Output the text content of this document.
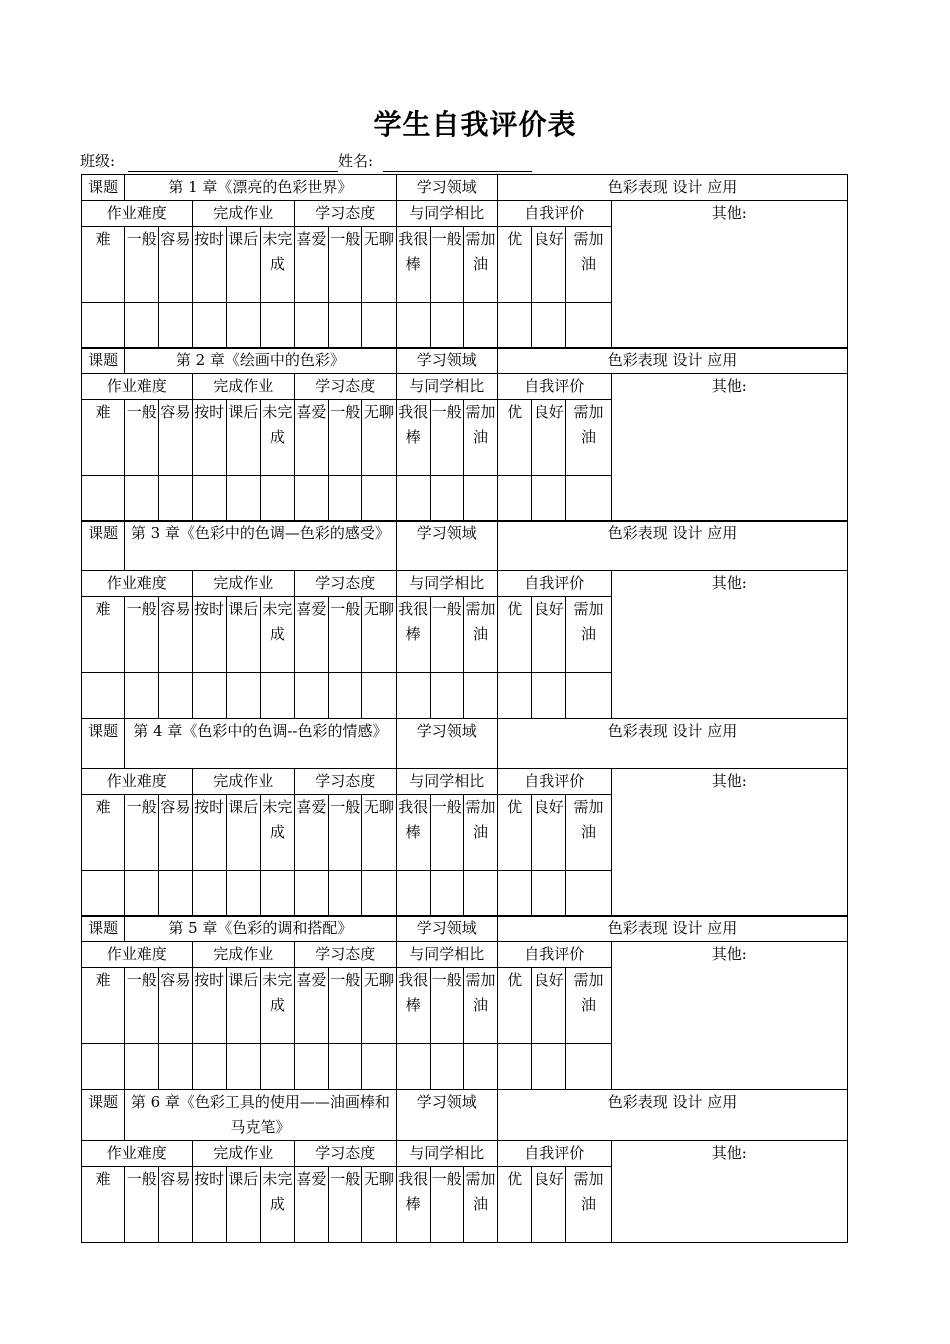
学生自我评价表
班级:	姓名:
课题	第 1 章《漂亮的色彩世界》								学习领域			色彩表现 设计 应用			
作业难度			完成作业			学习态度			与同学相比			自我评价			其他:
难	一般	容易	按时	课后	未完成	喜爱	一般	无聊	我很棒	一般	需加油	优	良好	需加油	

课题	第 2 章《绘画中的色彩》								学习领域			色彩表现 设计 应用			
作业难度			完成作业			学习态度			与同学相比			自我评价			其他:
难	一般	容易	按时	课后	未完成	喜爱	一般	无聊	我很棒	一般	需加油	优	良好	需加油	

课题	第 3 章《色彩中的色调—色彩的感受》								学习领域			色彩表现 设计 应用			
作业难度			完成作业			学习态度			与同学相比			自我评价			其他:
难	一般	容易	按时	课后	未完成	喜爱	一般	无聊	我很棒	一般	需加油	优	良好	需加油	

课题	第 4 章《色彩中的色调--色彩的情感》								学习领域			色彩表现 设计 应用			
作业难度			完成作业			学习态度			与同学相比			自我评价			其他:
难	一般	容易	按时	课后	未完成	喜爱	一般	无聊	我很棒	一般	需加油	优	良好	需加油	

课题	第 5 章《色彩的调和搭配》								学习领域			色彩表现 设计 应用			
作业难度			完成作业			学习态度			与同学相比			自我评价			其他:
难	一般	容易	按时	课后	未完成	喜爱	一般	无聊	我很棒	一般	需加油	优	良好	需加油	

课题	第 6 章《色彩工具的使用——油画棒和马克笔》								学习领域			色彩表现 设计 应用			
作业难度			完成作业			学习态度			与同学相比			自我评价			其他:
难	一般	容易	按时	课后	未完成	喜爱	一般	无聊	我很棒	一般	需加油	优	良好	需加油	
